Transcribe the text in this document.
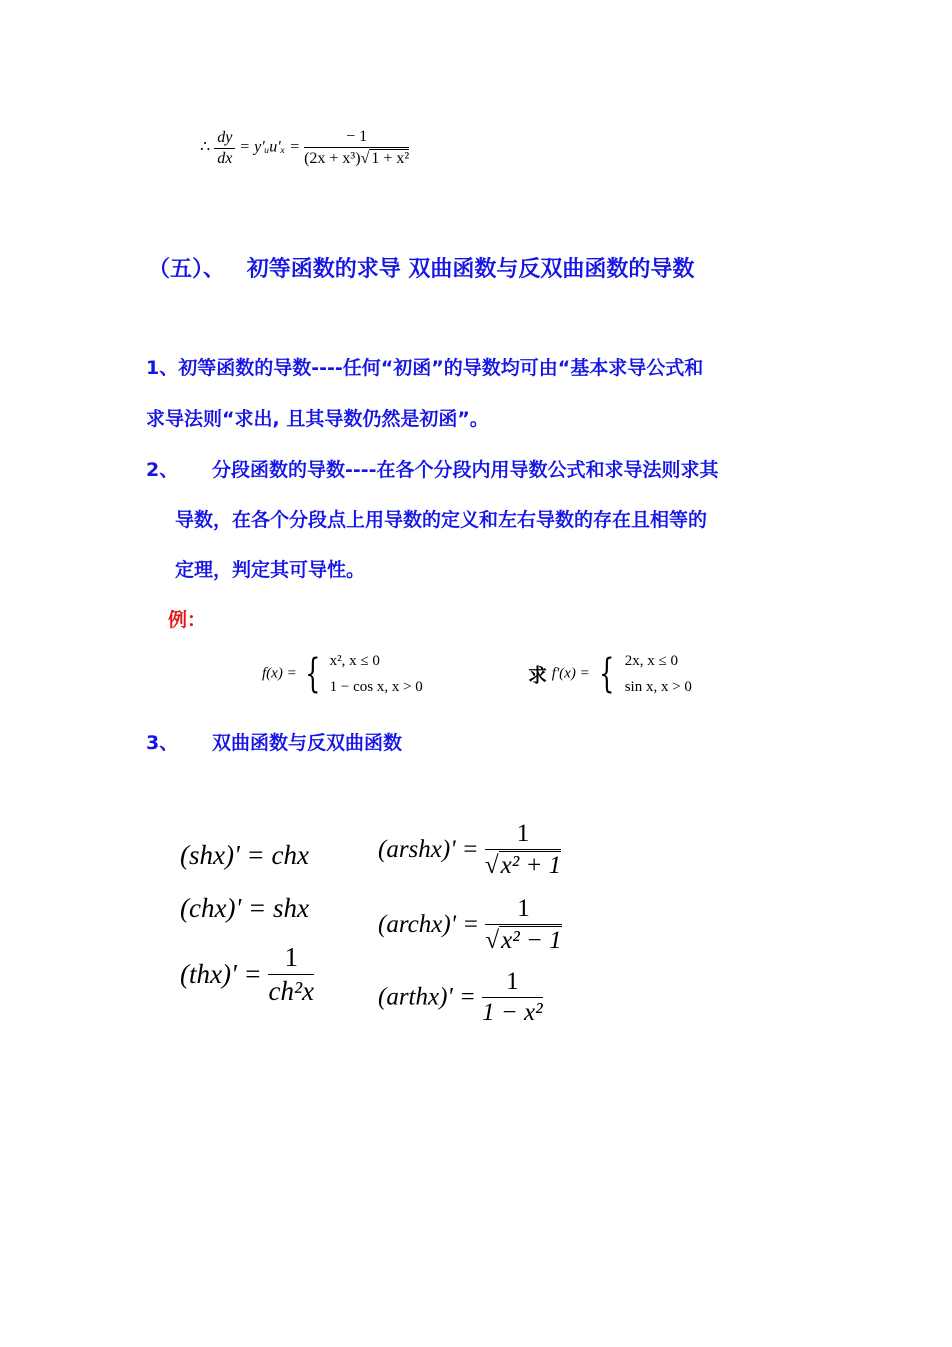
∴ $\frac{dy}{dx}$ = y'ᵤu'ₓ = $\frac{- 1}{\text{(2x + x³)√ 1 + x²}}$
（五）、 初等函数的求导 双曲函数与反双曲函数的导数
1、初等函数的导数----任何“初函”的导数均可由“基本求导公式和
求导法则“求出, 且其导数仍然是初函”。
2、 分段函数的导数----在各个分段内用导数公式和求导法则求其
导数，在各个分段点上用导数的定义和左右导数的存在且相等的
定理，判定其可导性。
例：
f(x) = { x², x ≤ 0
1 − cos x, x > 0
求 f'(x) = { 2x, x ≤ 0
sin x, x > 0
3、 双曲函数与反双曲函数
(shx)' = chx
(chx)' = shx
$(thx)' = \frac{1}{\text{ch²x}}$
(arshx)' = $\frac{1}{\text{√x² + 1}}$
(archx)' = $\frac{1}{\text{√x² − 1}}$
(arthx)' = $\frac{1}{\text{1 − x²}}$
